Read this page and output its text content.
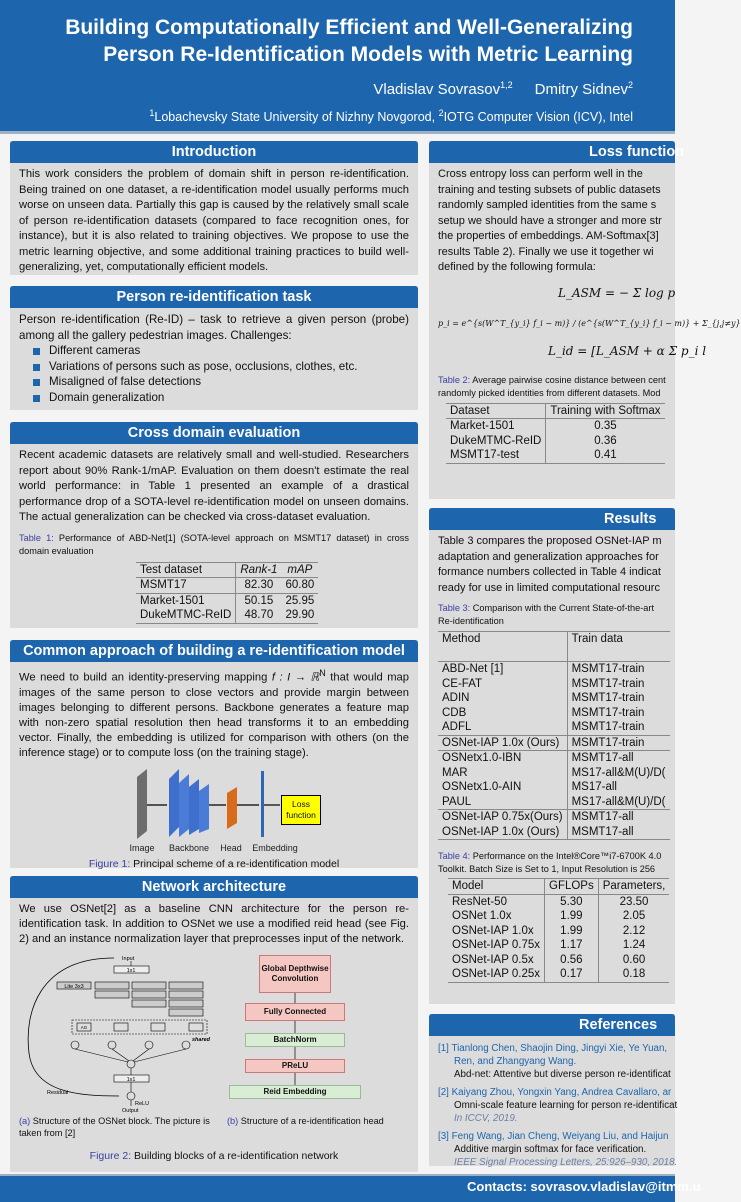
Building Computationally Efficient and Well-Generalizing
Person Re-Identification Models with Metric Learning
Vladislav Sovrasov$^{1,2}$ Dmitry Sidnev$^2$
$^1$Lobachevsky State University of Nizhny Novgorod, $^2$IOTG Computer Vision (ICV), Intel
Introduction
This work considers the problem of domain shift in person re-identification. Being trained on one dataset, a re-identification model usually performs much worse on unseen data. Partially this gap is caused by the relatively small scale of person re-identification datasets (compared to face recognition ones, for instance), but it is also related to training objectives. We propose to use the metric learning objective, and some additional training practices to build well-generalizing, yet, computationally efficient models.
Person re-identification task
Person re-identification (Re-ID) – task to retrieve a given person (probe) among all the gallery pedestrian images. Challenges:
Different cameras
Variations of persons such as pose, occlusions, clothes, etc.
Misaligned of false detections
Domain generalization
Cross domain evaluation
Recent academic datasets are relatively small and well-studied. Researchers report about 90% Rank-1/mAP. Evaluation on them doesn't estimate the real world performance: in Table 1 presented an example of a drastical performance drop of a SOTA-level re-identification model on unseen domains. The actual generalization can be checked via cross-dataset evaluation.
Table 1: Performance of ABD-Net[1] (SOTA-level approach on MSMT17 dataset) in cross domain evaluation
Test dataset	Rank-1	mAP
MSMT17	82.30	60.80
Market-1501	50.15	25.95
DukeMTMC-ReID	48.70	29.90
Common approach of building a re-identification model
We need to build an identity-preserving mapping f : I → ℝ$^N$ that would map images of the same person to close vectors and provide margin between images belonging to different persons. Backbone generates a feature map with non-zero spatial resolution then head transforms it to an embedding vector. Finally, the embedding is utilized for comparison with others (on the inference stage) or to compute loss (on the training stage).
Loss
function
Image Backbone Head Embedding
Figure 1: Principal scheme of a re-identification model
Network architecture
We use OSNet[2] as a baseline CNN architecture for the person re-identification task. In addition to OSNet we use a modified reid head (see Fig. 2) and an instance normalization layer that preprocesses input of the network.
Input
1x1
Lite 3x3
AG
shared
1x1
Residual
ReLU
Output
Global Depthwise Convolution
Fully Connected
BatchNorm
PReLU
Reid Embedding
(a) Structure of the OSNet block. The picture is taken from [2]
(b) Structure of a re-identification head
Figure 2: Building blocks of a re-identification network
Loss function
Cross entropy loss can perform well in the
training and testing subsets of public datasets
randomly sampled identities from the same s
setup we should have a stronger and more str
the properties of embeddings. AM-Softmax[3]
results Table 2). Finally we use it together wi
defined by the following formula:
L_ASM = − Σ log p
p_i = e^{s(W^T_{y_i} f_i − m)} / (e^{s(W^T_{y_i} f_i − m)} + Σ_{j,j≠y}
L_id = [L_ASM + α Σ p_i l
Table 2: Average pairwise cosine distance between cent
randomly picked identities from different datasets. Mod
Dataset	Training with Softmax
Market-1501	0.35
DukeMTMC-ReID	0.36
MSMT17-test	0.41
Results
Table 3 compares the proposed OSNet-IAP m
adaptation and generalization approaches for
formance numbers collected in Table 4 indicat
ready for use in limited computational resourc
Table 3: Comparison with the Current State-of-the-art
Re-identification
Method	Train data
ABD-Net [1]	MSMT17-train
CE-FAT	MSMT17-train
ADIN	MSMT17-train
CDB	MSMT17-train
ADFL	MSMT17-train
OSNet-IAP 1.0x (Ours)	MSMT17-train
OSNetx1.0-IBN	MSMT17-all
MAR	MS17-all&M(U)/D(
OSNetx1.0-AIN	MS17-all
PAUL	MS17-all&M(U)/D(
OSNet-IAP 0.75x(Ours)	MSMT17-all
OSNet-IAP 1.0x (Ours)	MSMT17-all
Table 4: Performance on the Intel®Core™i7-6700K 4.0
Toolkit. Batch Size is Set to 1, Input Resolution is 256
Model	GFLOPs	Parameters,
ResNet-50	5.30	23.50
OSNet 1.0x	1.99	2.05
OSNet-IAP 1.0x	1.99	2.12
OSNet-IAP 0.75x	1.17	1.24
OSNet-IAP 0.5x	0.56	0.60
OSNet-IAP 0.25x	0.17	0.18
References
[1] Tianlong Chen, Shaojin Ding, Jingyi Xie, Ye Yuan,
Ren, and Zhangyang Wang.
Abd-net: Attentive but diverse person re-identificat
[2] Kaiyang Zhou, Yongxin Yang, Andrea Cavallaro, ar
Omni-scale feature learning for person re-identificat
In ICCV, 2019.
[3] Feng Wang, Jian Cheng, Weiyang Liu, and Haijun
Additive margin softmax for face verification.
IEEE Signal Processing Letters, 25:926–930, 2018.
Contacts: sovrasov.vladislav@itmm.u
